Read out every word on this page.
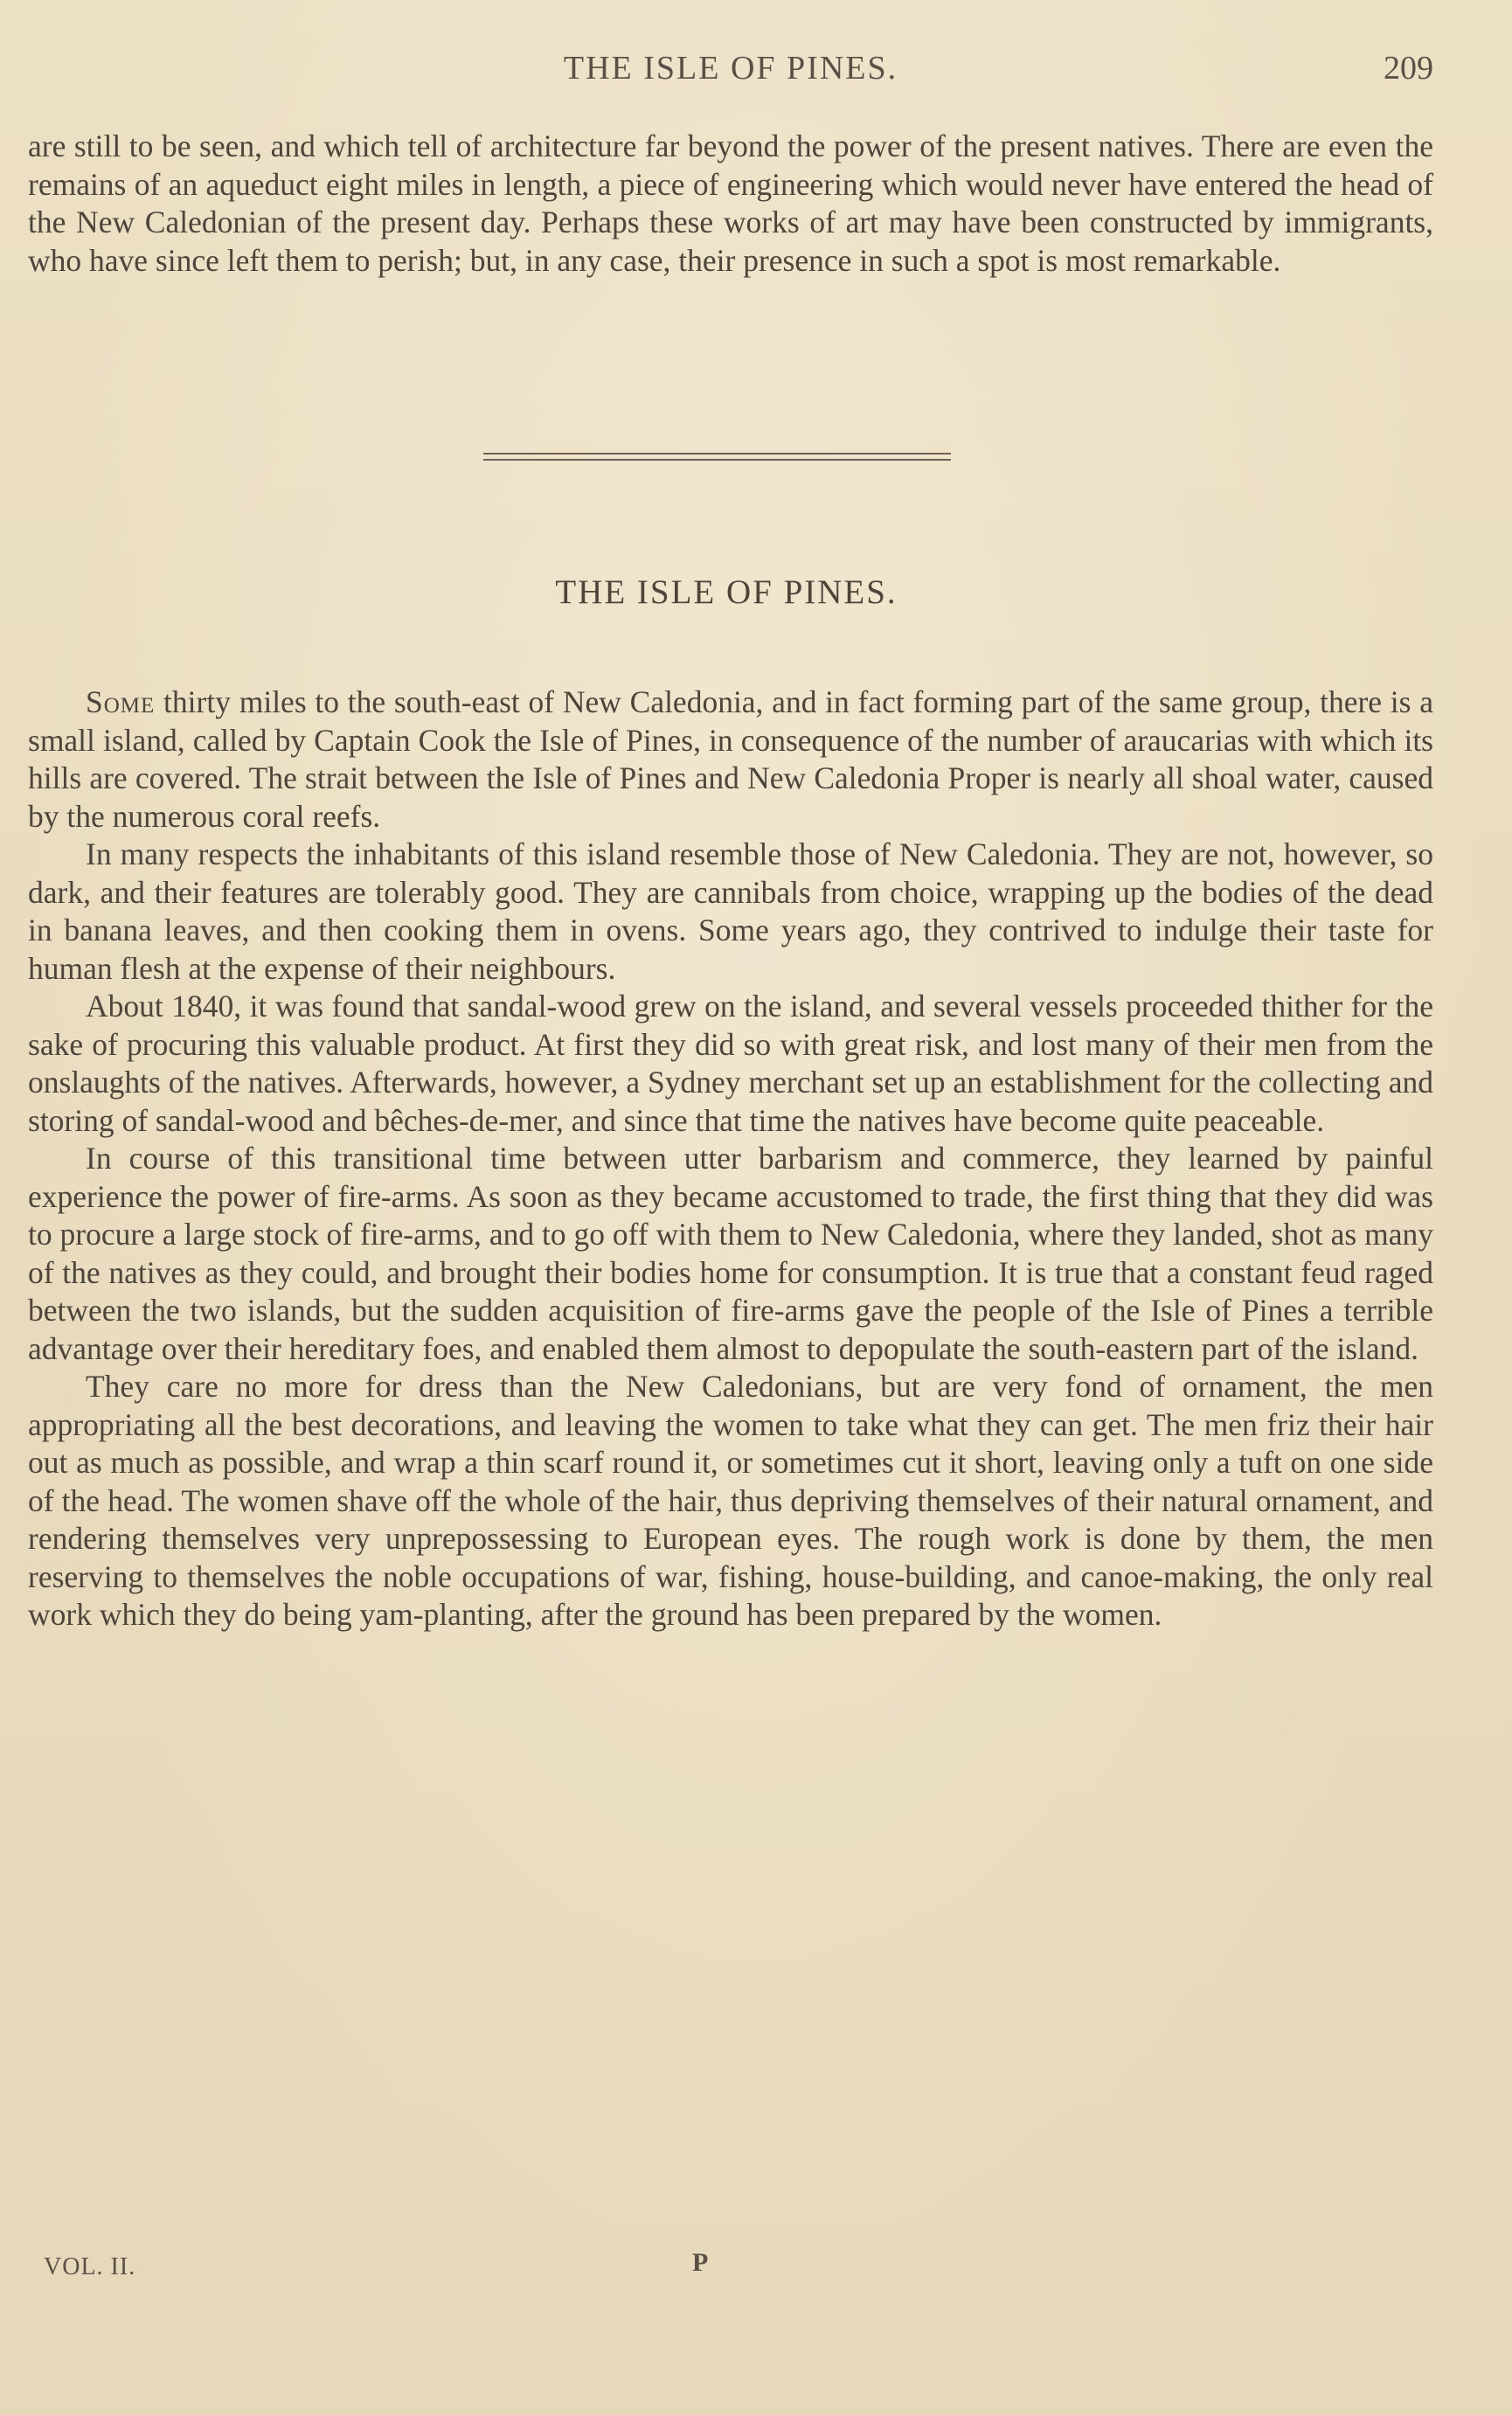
THE ISLE OF PINES.	209

are still to be seen, and which tell of architecture far beyond the power of the present natives. There are even the remains of an aqueduct eight miles in length, a piece of engineering which would never have entered the head of the New Caledonian of the present day. Perhaps these works of art may have been constructed by immigrants, who have since left them to perish; but, in any case, their presence in such a spot is most remarkable.

THE ISLE OF PINES.

Some thirty miles to the south-east of New Caledonia, and in fact forming part of the same group, there is a small island, called by Captain Cook the Isle of Pines, in consequence of the number of araucarias with which its hills are covered. The strait between the Isle of Pines and New Caledonia Proper is nearly all shoal water, caused by the numerous coral reefs.

In many respects the inhabitants of this island resemble those of New Caledonia. They are not, however, so dark, and their features are tolerably good. They are cannibals from choice, wrapping up the bodies of the dead in banana leaves, and then cooking them in ovens. Some years ago, they contrived to indulge their taste for human flesh at the expense of their neighbours.

About 1840, it was found that sandal-wood grew on the island, and several vessels proceeded thither for the sake of procuring this valuable product. At first they did so with great risk, and lost many of their men from the onslaughts of the natives. Afterwards, however, a Sydney merchant set up an establishment for the collecting and storing of sandal-wood and bêches-de-mer, and since that time the natives have become quite peaceable.

In course of this transitional time between utter barbarism and commerce, they learned by painful experience the power of fire-arms. As soon as they became accustomed to trade, the first thing that they did was to procure a large stock of fire-arms, and to go off with them to New Caledonia, where they landed, shot as many of the natives as they could, and brought their bodies home for consumption. It is true that a constant feud raged between the two islands, but the sudden acquisition of fire-arms gave the people of the Isle of Pines a terrible advantage over their hereditary foes, and enabled them almost to depopulate the south-eastern part of the island.

They care no more for dress than the New Caledonians, but are very fond of ornament, the men appropriating all the best decorations, and leaving the women to take what they can get. The men friz their hair out as much as possible, and wrap a thin scarf round it, or sometimes cut it short, leaving only a tuft on one side of the head. The women shave off the whole of the hair, thus depriving themselves of their natural ornament, and rendering themselves very unprepossessing to European eyes. The rough work is done by them, the men reserving to themselves the noble occupations of war, fishing, house-building, and canoe-making, the only real work which they do being yam-planting, after the ground has been prepared by the women.

VOL. II.	P
